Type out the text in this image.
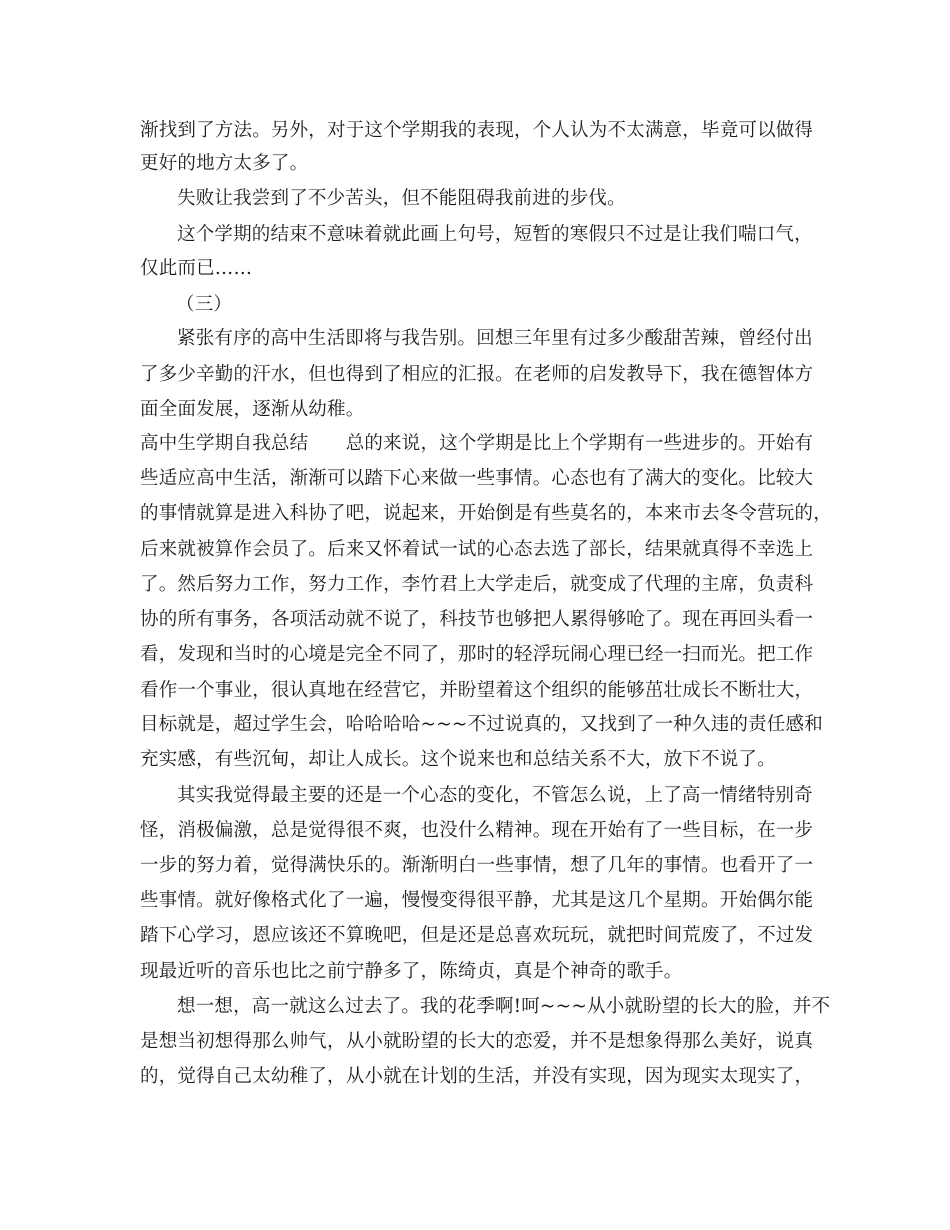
渐找到了方法。另外，对于这个学期我的表现，个人认为不太满意，毕竟可以做得
更好的地方太多了。
失败让我尝到了不少苦头，但不能阻碍我前进的步伐。
这个学期的结束不意味着就此画上句号，短暂的寒假只不过是让我们喘口气，
仅此而已……
（三）
紧张有序的高中生活即将与我告别。回想三年里有过多少酸甜苦辣，曾经付出
了多少辛勤的汗水，但也得到了相应的汇报。在老师的启发教导下，我在德智体方
面全面发展，逐渐从幼稚。
高中生学期自我总结　　总的来说，这个学期是比上个学期有一些进步的。开始有
些适应高中生活，渐渐可以踏下心来做一些事情。心态也有了满大的变化。比较大
的事情就算是进入科协了吧，说起来，开始倒是有些莫名的，本来市去冬令营玩的，
后来就被算作会员了。后来又怀着试一试的心态去选了部长，结果就真得不幸选上
了。然后努力工作，努力工作，李竹君上大学走后，就变成了代理的主席，负责科
协的所有事务，各项活动就不说了，科技节也够把人累得够呛了。现在再回头看一
看，发现和当时的心境是完全不同了，那时的轻浮玩闹心理已经一扫而光。把工作
看作一个事业，很认真地在经营它，并盼望着这个组织的能够茁壮成长不断壮大，
目标就是，超过学生会，哈哈哈哈~~~不过说真的，又找到了一种久违的责任感和
充实感，有些沉甸，却让人成长。这个说来也和总结关系不大，放下不说了。
其实我觉得最主要的还是一个心态的变化，不管怎么说，上了高一情绪特别奇
怪，消极偏激，总是觉得很不爽，也没什么精神。现在开始有了一些目标，在一步
一步的努力着，觉得满快乐的。渐渐明白一些事情，想了几年的事情。也看开了一
些事情。就好像格式化了一遍，慢慢变得很平静，尤其是这几个星期。开始偶尔能
踏下心学习，恩应该还不算晚吧，但是还是总喜欢玩玩，就把时间荒废了，不过发
现最近听的音乐也比之前宁静多了，陈绮贞，真是个神奇的歌手。
想一想，高一就这么过去了。我的花季啊!呵~~~从小就盼望的长大的脸，并不
是想当初想得那么帅气，从小就盼望的长大的恋爱，并不是想象得那么美好，说真
的，觉得自己太幼稚了，从小就在计划的生活，并没有实现，因为现实太现实了，
